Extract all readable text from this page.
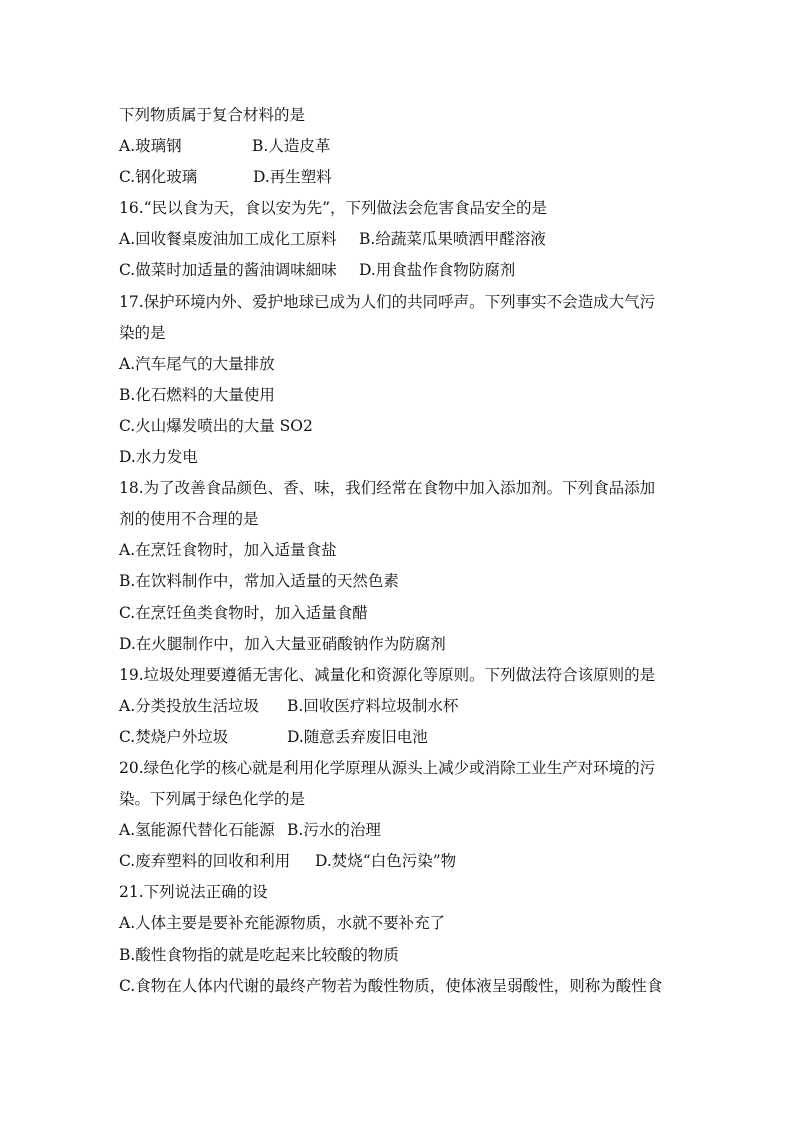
下列物质属于复合材料的是
A.玻璃钢	B.人造皮革
C.钢化玻璃	D.再生塑料
16.“民以食为天，食以安为先”，下列做法会危害食品安全的是
A.回收餐桌废油加工成化工原料 B.给蔬菜瓜果喷洒甲醛溶液
C.做菜时加适量的酱油调味細味 D.用食盐作食物防腐剂
17.保护环境内外、爱护地球已成为人们的共同呼声。下列事实不会造成大气污
染的是
A.汽车尾气的大量排放
B.化石燃料的大量使用
C.火山爆发喷出的大量 SO2
D.水力发电
18.为了改善食品颜色、香、味，我们经常在食物中加入添加剂。下列食品添加
剂的使用不合理的是
A.在烹饪食物时，加入适量食盐
B.在饮料制作中，常加入适量的天然色素
C.在烹饪鱼类食物时，加入适量食醋
D.在火腿制作中，加入大量亚硝酸钠作为防腐剂
19.垃圾处理要遵循无害化、减量化和资源化等原则。下列做法符合该原则的是
A.分类投放生活垃圾 B.回收医疗料垃圾制水杯
C.焚烧户外垃圾	D.随意丢弃废旧电池
20.绿色化学的核心就是利用化学原理从源头上减少或消除工业生产对环境的污
染。下列属于绿色化学的是
A.氢能源代替化石能源 B.污水的治理
C.废弃塑料的回收和利用 D.焚烧“白色污染”物
21.下列说法正确的设
A.人体主要是要补充能源物质，水就不要补充了
B.酸性食物指的就是吃起来比较酸的物质
C.食物在人体内代谢的最终产物若为酸性物质，使体液呈弱酸性，则称为酸性食
